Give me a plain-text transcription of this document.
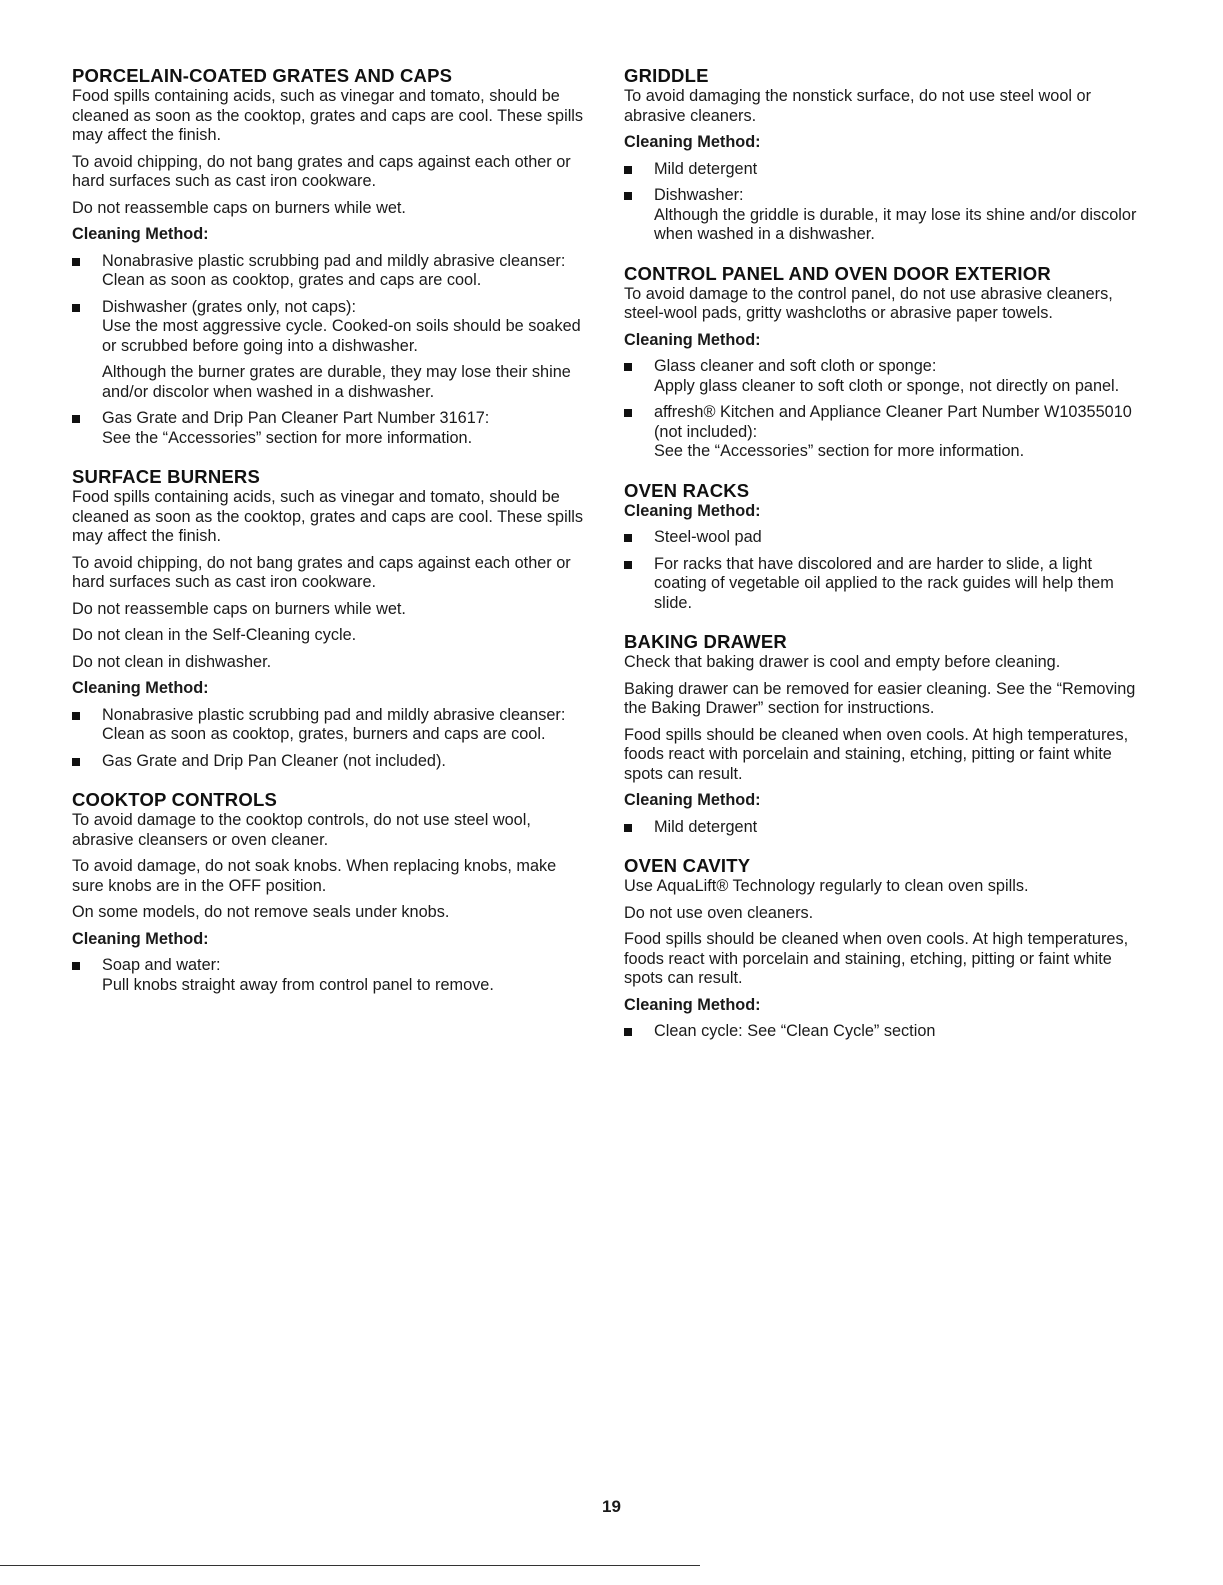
PORCELAIN-COATED GRATES AND CAPS

Food spills containing acids, such as vinegar and tomato, should be cleaned as soon as the cooktop, grates and caps are cool. These spills may affect the finish.

To avoid chipping, do not bang grates and caps against each other or hard surfaces such as cast iron cookware.

Do not reassemble caps on burners while wet.

Cleaning Method:
Nonabrasive plastic scrubbing pad and mildly abrasive cleanser:
Clean as soon as cooktop, grates and caps are cool.
Dishwasher (grates only, not caps):
Use the most aggressive cycle. Cooked-on soils should be soaked or scrubbed before going into a dishwasher.
Although the burner grates are durable, they may lose their shine and/or discolor when washed in a dishwasher.
Gas Grate and Drip Pan Cleaner Part Number 31617:
See the “Accessories” section for more information.
SURFACE BURNERS

Food spills containing acids, such as vinegar and tomato, should be cleaned as soon as the cooktop, grates and caps are cool. These spills may affect the finish.

To avoid chipping, do not bang grates and caps against each other or hard surfaces such as cast iron cookware.

Do not reassemble caps on burners while wet.

Do not clean in the Self-Cleaning cycle.

Do not clean in dishwasher.

Cleaning Method:
Nonabrasive plastic scrubbing pad and mildly abrasive cleanser:
Clean as soon as cooktop, grates, burners and caps are cool.
Gas Grate and Drip Pan Cleaner (not included).
COOKTOP CONTROLS

To avoid damage to the cooktop controls, do not use steel wool, abrasive cleansers or oven cleaner.

To avoid damage, do not soak knobs. When replacing knobs, make sure knobs are in the OFF position.

On some models, do not remove seals under knobs.

Cleaning Method:
Soap and water:
Pull knobs straight away from control panel to remove.
GRIDDLE

To avoid damaging the nonstick surface, do not use steel wool or abrasive cleaners.

Cleaning Method:
Mild detergent
Dishwasher:
Although the griddle is durable, it may lose its shine and/or discolor when washed in a dishwasher.
CONTROL PANEL AND OVEN DOOR EXTERIOR

To avoid damage to the control panel, do not use abrasive cleaners, steel-wool pads, gritty washcloths or abrasive paper towels.

Cleaning Method:
Glass cleaner and soft cloth or sponge:
Apply glass cleaner to soft cloth or sponge, not directly on panel.
affresh® Kitchen and Appliance Cleaner Part Number W10355010 (not included):
See the “Accessories” section for more information.
OVEN RACKS
Cleaning Method:
Steel-wool pad
For racks that have discolored and are harder to slide, a light coating of vegetable oil applied to the rack guides will help them slide.
BAKING DRAWER

Check that baking drawer is cool and empty before cleaning.

Baking drawer can be removed for easier cleaning. See the “Removing the Baking Drawer” section for instructions.

Food spills should be cleaned when oven cools. At high temperatures, foods react with porcelain and staining, etching, pitting or faint white spots can result.

Cleaning Method:
Mild detergent
OVEN CAVITY

Use AquaLift® Technology regularly to clean oven spills.

Do not use oven cleaners.

Food spills should be cleaned when oven cools. At high temperatures, foods react with porcelain and staining, etching, pitting or faint white spots can result.

Cleaning Method:
Clean cycle: See “Clean Cycle” section
19
